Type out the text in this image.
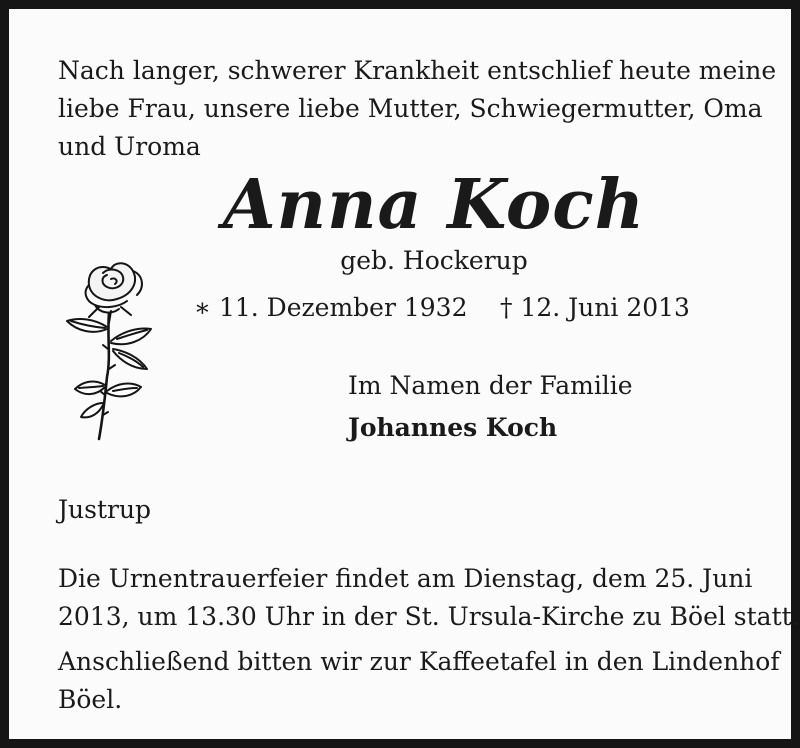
Nach langer, schwerer Krankheit entschlief heute meine
liebe Frau, unsere liebe Mutter, Schwiegermutter, Oma
und Uroma
Anna Koch
geb. Hockerup
∗ 11. Dezember 1932 † 12. Juni 2013
Im Namen der Familie
Johannes Koch
Justrup
Die Urnentrauerfeier findet am Dienstag, dem 25. Juni
2013, um 13.30 Uhr in der St. Ursula-Kirche zu Böel statt.
Anschließend bitten wir zur Kaffeetafel in den Lindenhof
Böel.
